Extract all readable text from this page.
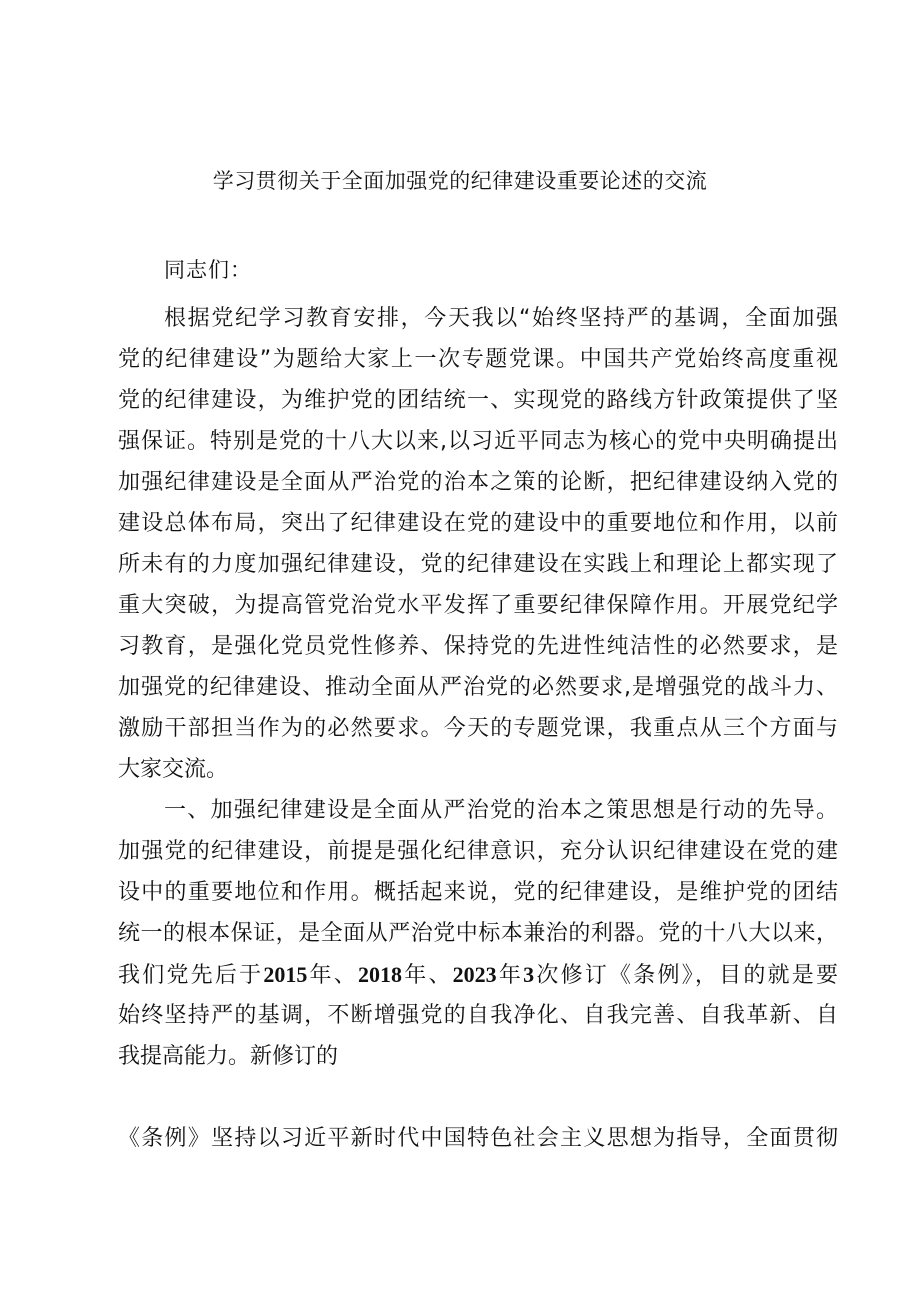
学习贯彻关于全面加强党的纪律建设重要论述的交流
同志们：
根据党纪学习教育安排，今天我以“始终坚持严的基调，全面加强
党的纪律建设”为题给大家上一次专题党课。中国共产党始终高度重视
党的纪律建设，为维护党的团结统一、实现党的路线方针政策提供了坚
强保证。特别是党的十八大以来,以习近平同志为核心的党中央明确提出
加强纪律建设是全面从严治党的治本之策的论断，把纪律建设纳入党的
建设总体布局，突出了纪律建设在党的建设中的重要地位和作用，以前
所未有的力度加强纪律建设，党的纪律建设在实践上和理论上都实现了
重大突破，为提高管党治党水平发挥了重要纪律保障作用。开展党纪学
习教育，是强化党员党性修养、保持党的先进性纯洁性的必然要求，是
加强党的纪律建设、推动全面从严治党的必然要求,是增强党的战斗力、
激励干部担当作为的必然要求。今天的专题党课，我重点从三个方面与
大家交流。
一、加强纪律建设是全面从严治党的治本之策思想是行动的先导。
加强党的纪律建设，前提是强化纪律意识，充分认识纪律建设在党的建
设中的重要地位和作用。概括起来说，党的纪律建设，是维护党的团结
统一的根本保证，是全面从严治党中标本兼治的利器。党的十八大以来，
我们党先后于2015年、2018年、2023年3次修订《条例》，目的就是要
始终坚持严的基调，不断增强党的自我净化、自我完善、自我革新、自
我提高能力。新修订的
《条例》坚持以习近平新时代中国特色社会主义思想为指导，全面贯彻
